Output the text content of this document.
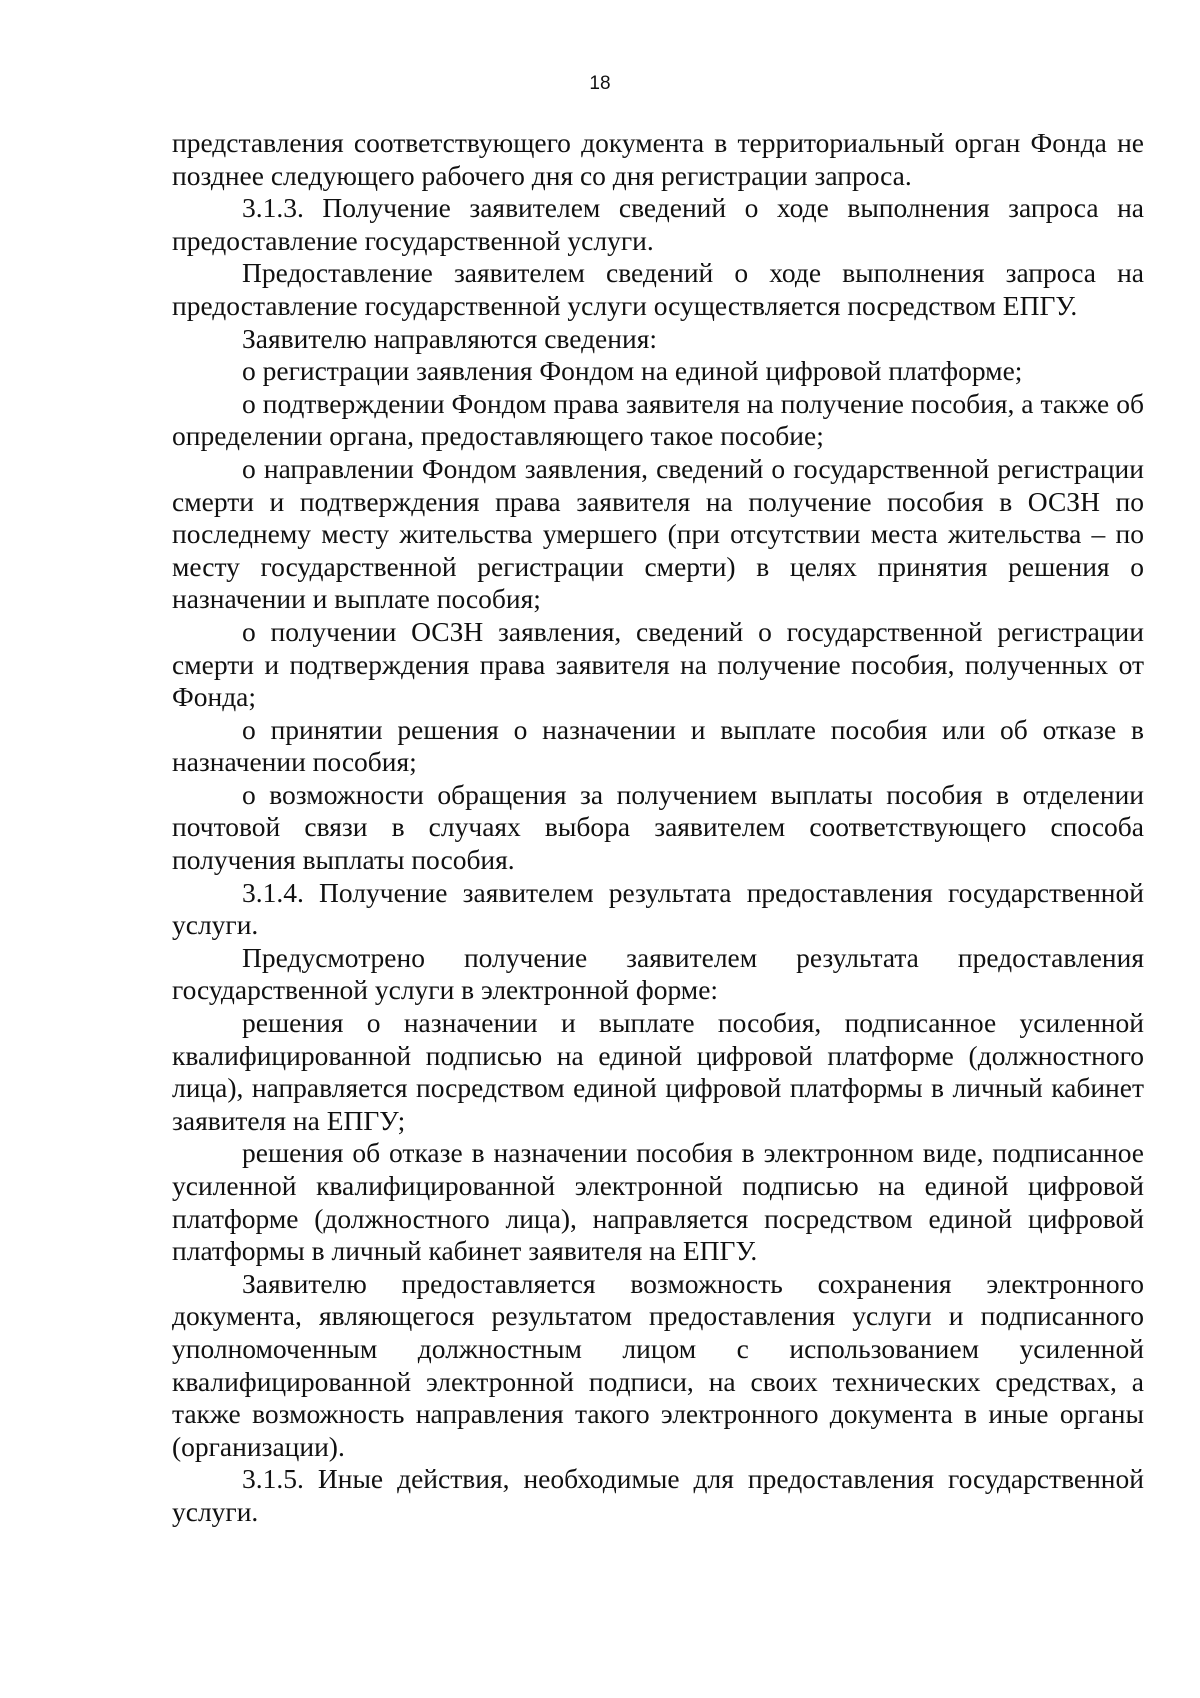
18

представления соответствующего документа в территориальный орган Фонда не позднее следующего рабочего дня со дня регистрации запроса.

3.1.3. Получение заявителем сведений о ходе выполнения запроса на предоставление государственной услуги.

Предоставление заявителем сведений о ходе выполнения запроса на предоставление государственной услуги осуществляется посредством ЕПГУ.

Заявителю направляются сведения:

о регистрации заявления Фондом на единой цифровой платформе;

о подтверждении Фондом права заявителя на получение пособия, а также об определении органа, предоставляющего такое пособие;

о направлении Фондом заявления, сведений о государственной регистрации смерти и подтверждения права заявителя на получение пособия в ОСЗН по последнему месту жительства умершего (при отсутствии места жительства – по месту государственной регистрации смерти) в целях принятия решения о назначении и выплате пособия;

о получении ОСЗН заявления, сведений о государственной регистрации смерти и подтверждения права заявителя на получение пособия, полученных от Фонда;

о принятии решения о назначении и выплате пособия или об отказе в назначении пособия;

о возможности обращения за получением выплаты пособия в отделении почтовой связи в случаях выбора заявителем соответствующего способа получения выплаты пособия.

3.1.4. Получение заявителем результата предоставления государственной услуги.

Предусмотрено получение заявителем результата предоставления государственной услуги в электронной форме:

решения о назначении и выплате пособия, подписанное усиленной квалифицированной подписью на единой цифровой платформе (должностного лица), направляется посредством единой цифровой платформы в личный кабинет заявителя на ЕПГУ;

решения об отказе в назначении пособия в электронном виде, подписанное усиленной квалифицированной электронной подписью на единой цифровой платформе (должностного лица), направляется посредством единой цифровой платформы в личный кабинет заявителя на ЕПГУ.

Заявителю предоставляется возможность сохранения электронного документа, являющегося результатом предоставления услуги и подписанного уполномоченным должностным лицом с использованием усиленной квалифицированной электронной подписи, на своих технических средствах, а также возможность направления такого электронного документа в иные органы (организации).

3.1.5. Иные действия, необходимые для предоставления государственной услуги.
